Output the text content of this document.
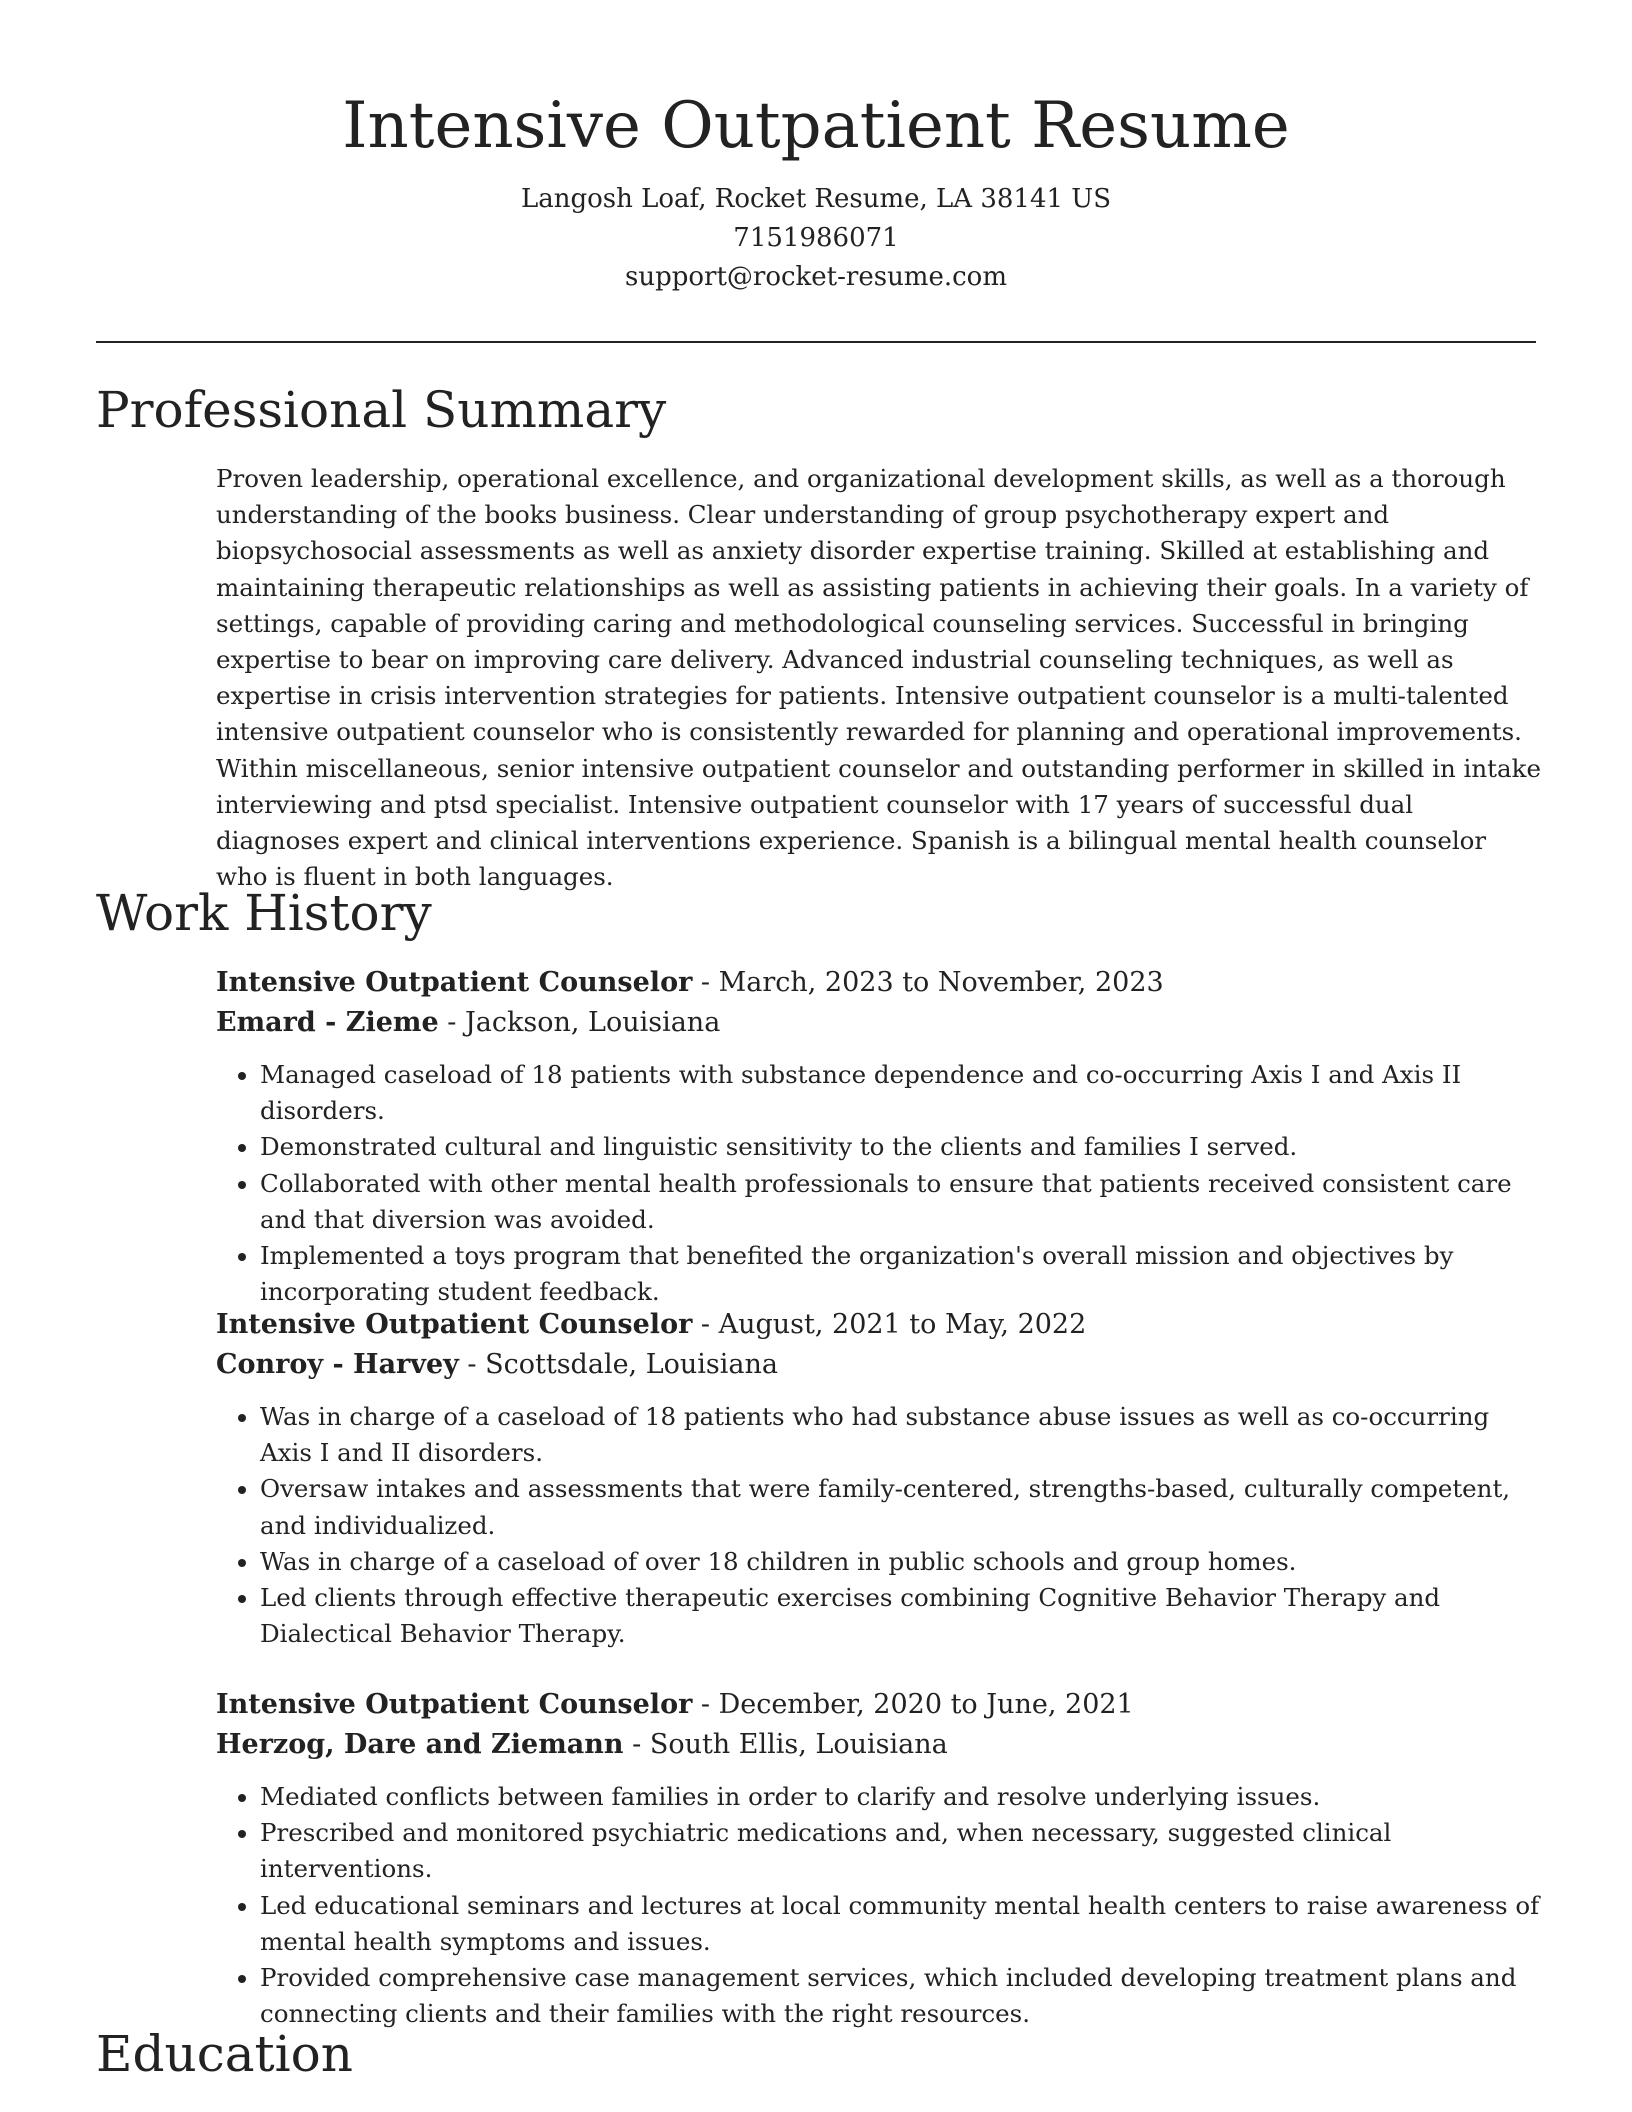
Intensive Outpatient Resume
Langosh Loaf, Rocket Resume, LA 38141 US
7151986071
support@rocket-resume.com
Professional Summary

Proven leadership, operational excellence, and organizational development skills, as well as a thorough understanding of the books business. Clear understanding of group psychotherapy expert and biopsychosocial assessments as well as anxiety disorder expertise training. Skilled at establishing and maintaining therapeutic relationships as well as assisting patients in achieving their goals. In a variety of settings, capable of providing caring and methodological counseling services. Successful in bringing expertise to bear on improving care delivery. Advanced industrial counseling techniques, as well as expertise in crisis intervention strategies for patients. Intensive outpatient counselor is a multi-talented intensive outpatient counselor who is consistently rewarded for planning and operational improvements. Within miscellaneous, senior intensive outpatient counselor and outstanding performer in skilled in intake interviewing and ptsd specialist. Intensive outpatient counselor with 17 years of successful dual diagnoses expert and clinical interventions experience. Spanish is a bilingual mental health counselor who is fluent in both languages.

Work History
Intensive Outpatient Counselor - March, 2023 to November, 2023
Emard - Zieme - Jackson, Louisiana
• Managed caseload of 18 patients with substance dependence and co-occurring Axis I and Axis II disorders.
• Demonstrated cultural and linguistic sensitivity to the clients and families I served.
• Collaborated with other mental health professionals to ensure that patients received consistent care and that diversion was avoided.
• Implemented a toys program that benefited the organization's overall mission and objectives by incorporating student feedback.
Intensive Outpatient Counselor - August, 2021 to May, 2022
Conroy - Harvey - Scottsdale, Louisiana
• Was in charge of a caseload of 18 patients who had substance abuse issues as well as co-occurring Axis I and II disorders.
• Oversaw intakes and assessments that were family-centered, strengths-based, culturally competent, and individualized.
• Was in charge of a caseload of over 18 children in public schools and group homes.
• Led clients through effective therapeutic exercises combining Cognitive Behavior Therapy and Dialectical Behavior Therapy.
Intensive Outpatient Counselor - December, 2020 to June, 2021
Herzog, Dare and Ziemann - South Ellis, Louisiana
• Mediated conflicts between families in order to clarify and resolve underlying issues.
• Prescribed and monitored psychiatric medications and, when necessary, suggested clinical interventions.
• Led educational seminars and lectures at local community mental health centers to raise awareness of mental health symptoms and issues.
• Provided comprehensive case management services, which included developing treatment plans and connecting clients and their families with the right resources.
Education
